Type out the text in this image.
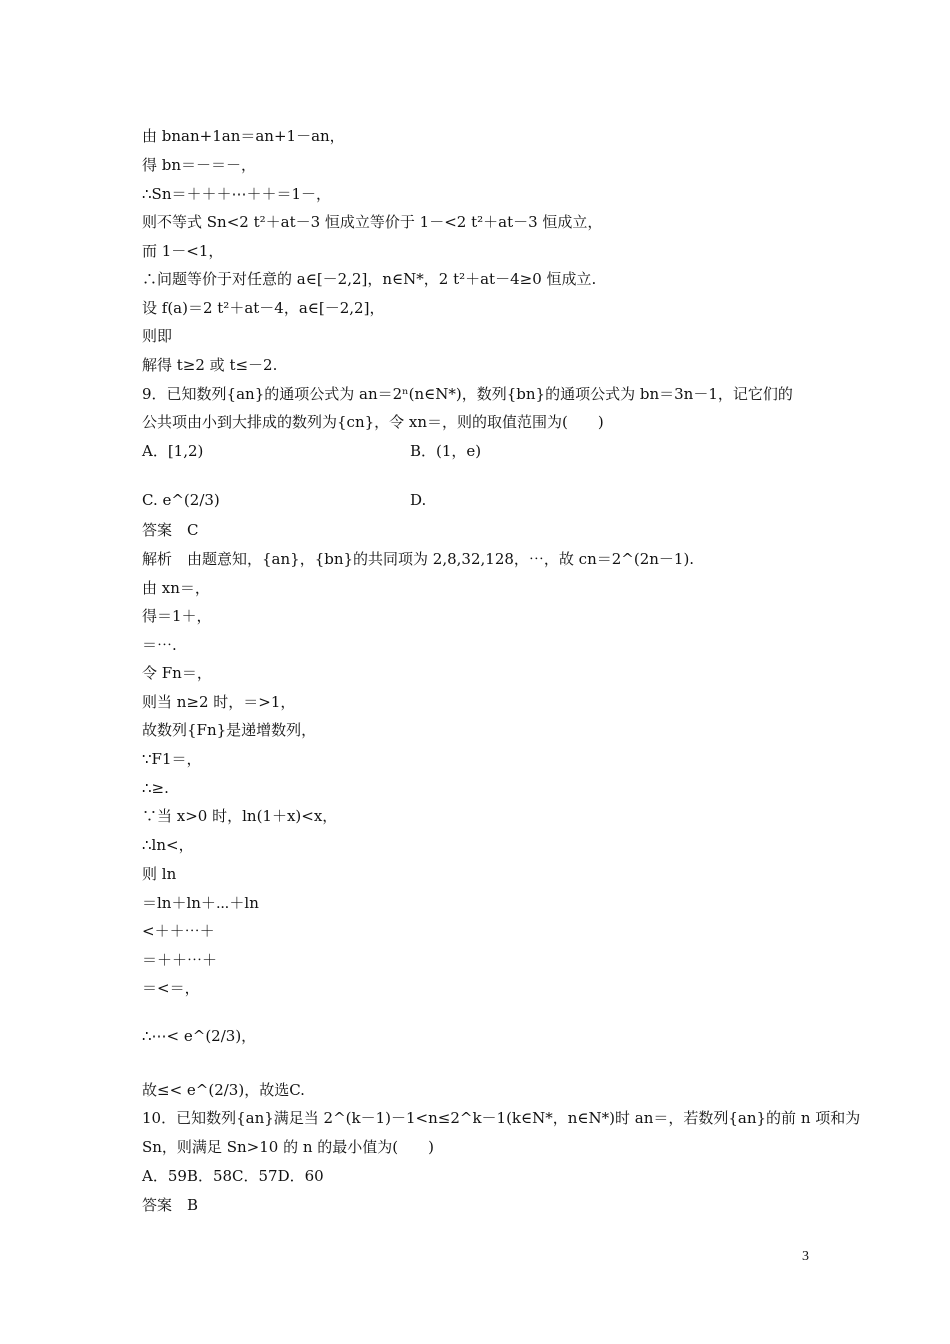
由 bnan+1an＝an+1－an，
得 bn＝－＝－，
∴Sn＝＋＋＋⋯＋＋＝1－，
则不等式 Sn<2 t²＋at－3 恒成立等价于 1－<2 t²＋at－3 恒成立，
而 1－<1，
∴问题等价于对任意的 a∈[－2,2]，n∈N*，2 t²＋at－4≥0 恒成立.
设 f(a)＝2 t²＋at－4，a∈[－2,2]，
则即
解得 t≥2 或 t≤－2.
9．已知数列{an}的通项公式为 an＝2ⁿ(n∈N*)，数列{bn}的通项公式为 bn＝3n－1，记它们的
公共项由小到大排成的数列为{cn}，令 xn＝，则的取值范围为(　　)
A．[1,2)	B．(1，e)
C. e^(2/3)	D.
答案　C
解析　由题意知，{an}，{bn}的共同项为 2,8,32,128，⋯，故 cn＝2^(2n－1).
由 xn＝，
得＝1＋，
＝⋯.
令 Fn＝，
则当 n≥2 时，＝>1，
故数列{Fn}是递增数列，
∵F1＝，
∴≥.
∵当 x>0 时，ln(1＋x)<x，
∴ln<，
则 ln
＝ln＋ln＋⋯＋ln
<＋＋⋯＋
＝＋＋⋯＋
＝<＝，
∴⋯< e^(2/3)，
故≤< e^(2/3)，故选C.
10．已知数列{an}满足当 2^(k－1)－1<n≤2^k－1(k∈N*，n∈N*)时 an＝，若数列{an}的前 n 项和为
Sn，则满足 Sn>10 的 n 的最小值为(　　)
A．59B．58C．57D．60
答案　B
3
